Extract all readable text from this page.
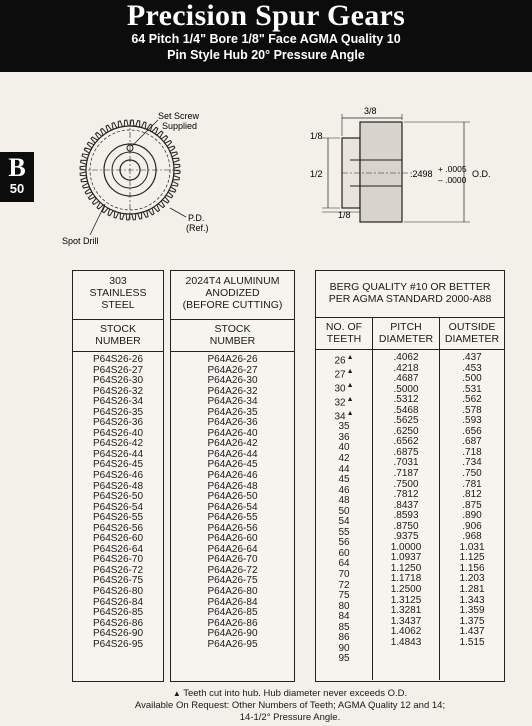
Precision Spur Gears
64 Pitch 1/4" Bore 1/8" Face AGMA Quality 10
Pin Style Hub 20° Pressure Angle
B
50
Set Screw
Supplied
P.D.
(Ref.)
Spot Drill
3/8
1/8
1/2
1/8
.2498 + .0005
– .0000
O.D.
303
STAINLESS
STEEL
STOCK
NUMBER
P64S26-26
P64S26-27
P64S26-30
P64S26-32
P64S26-34
P64S26-35
P64S26-36
P64S26-40
P64S26-42
P64S26-44
P64S26-45
P64S26-46
P64S26-48
P64S26-50
P64S26-54
P64S26-55
P64S26-56
P64S26-60
P64S26-64
P64S26-70
P64S26-72
P64S26-75
P64S26-80
P64S26-84
P64S26-85
P64S26-86
P64S26-90
P64S26-95
2024T4 ALUMINUM
ANODIZED
(BEFORE CUTTING)
STOCK
NUMBER
P64A26-26
P64A26-27
P64A26-30
P64A26-32
P64A26-34
P64A26-35
P64A26-36
P64A26-40
P64A26-42
P64A26-44
P64A26-45
P64A26-46
P64A26-48
P64A26-50
P64A26-54
P64A26-55
P64A26-56
P64A26-60
P64A26-64
P64A26-70
P64A26-72
P64A26-75
P64A26-80
P64A26-84
P64A26-85
P64A26-86
P64A26-90
P64A26-95
BERG QUALITY #10 OR BETTER
PER AGMA STANDARD 2000-A88
NO. OF
TEETH
26▲
27▲
30▲
32▲
34▲
35
36
40
42
44
45
46
48
50
54
55
56
60
64
70
72
75
80
84
85
86
90
95
PITCH
DIAMETER
.4062
.4218
.4687
.5000
.5312
.5468
.5625
.6250
.6562
.6875
.7031
.7187
.7500
.7812
.8437
.8593
.8750
.9375
1.0000
1.0937
1.1250
1.1718
1.2500
1.3125
1.3281
1.3437
1.4062
1.4843
OUTSIDE
DIAMETER
.437
.453
.500
.531
.562
.578
.593
.656
.687
.718
.734
.750
.781
.812
.875
.890
.906
.968
1.031
1.125
1.156
1.203
1.281
1.343
1.359
1.375
1.437
1.515
▲ Teeth cut into hub. Hub diameter never exceeds O.D.
Available On Request: Other Numbers of Teeth; AGMA Quality 12 and 14;
14-1/2° Pressure Angle.
